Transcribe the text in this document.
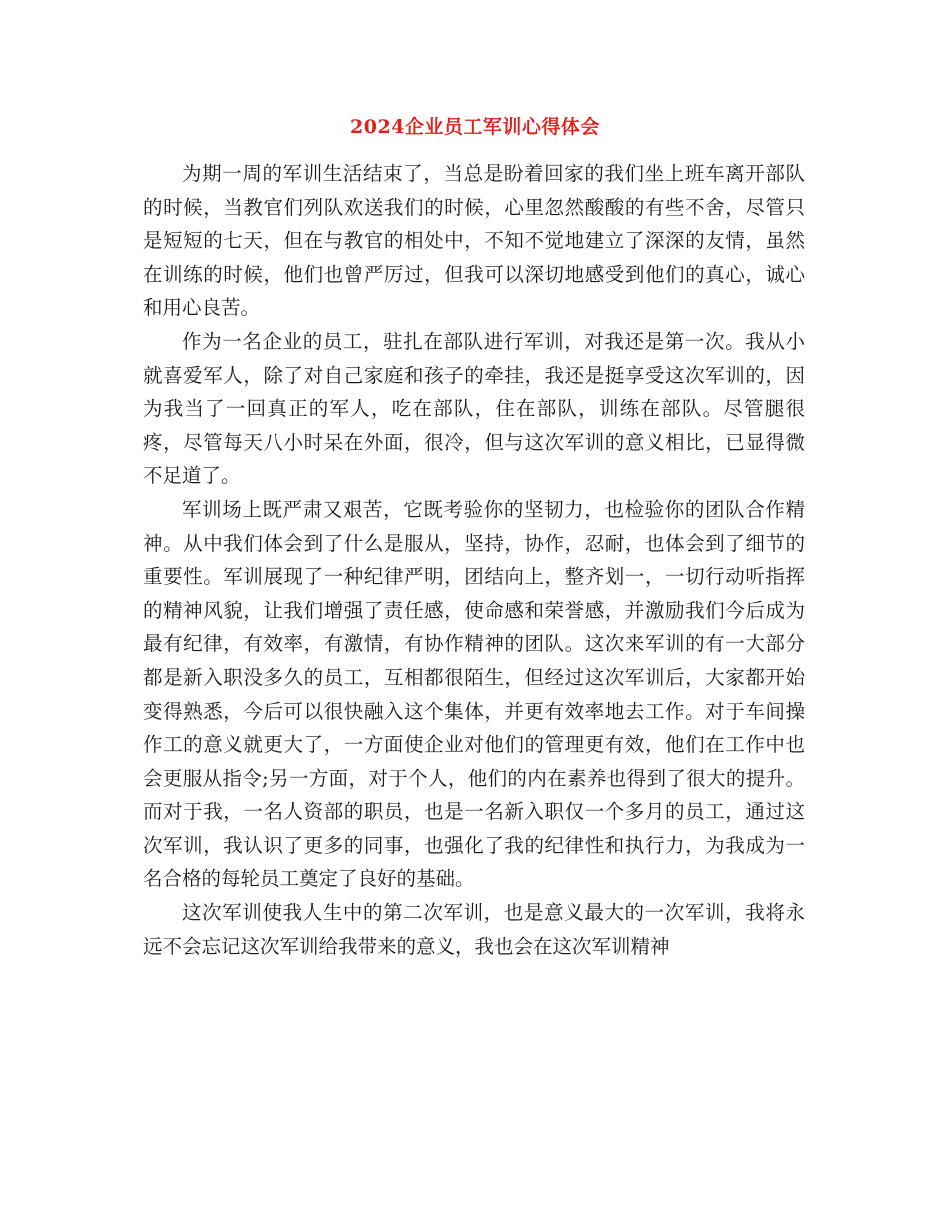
2024企业员工军训心得体会

为期一周的军训生活结束了，当总是盼着回家的我们坐上班车离开部队的时候，当教官们列队欢送我们的时候，心里忽然酸酸的有些不舍，尽管只是短短的七天，但在与教官的相处中，不知不觉地建立了深深的友情，虽然在训练的时候，他们也曾严厉过，但我可以深切地感受到他们的真心，诚心和用心良苦。

作为一名企业的员工，驻扎在部队进行军训，对我还是第一次。我从小就喜爱军人，除了对自己家庭和孩子的牵挂，我还是挺享受这次军训的，因为我当了一回真正的军人，吃在部队，住在部队，训练在部队。尽管腿很疼，尽管每天八小时呆在外面，很冷，但与这次军训的意义相比，已显得微不足道了。

军训场上既严肃又艰苦，它既考验你的坚韧力，也检验你的团队合作精神。从中我们体会到了什么是服从，坚持，协作，忍耐，也体会到了细节的重要性。军训展现了一种纪律严明，团结向上，整齐划一，一切行动听指挥的精神风貌，让我们增强了责任感，使命感和荣誉感，并激励我们今后成为最有纪律，有效率，有激情，有协作精神的团队。这次来军训的有一大部分都是新入职没多久的员工，互相都很陌生，但经过这次军训后，大家都开始变得熟悉，今后可以很快融入这个集体，并更有效率地去工作。对于车间操作工的意义就更大了，一方面使企业对他们的管理更有效，他们在工作中也会更服从指令;另一方面，对于个人，他们的内在素养也得到了很大的提升。而对于我，一名人资部的职员，也是一名新入职仅一个多月的员工，通过这次军训，我认识了更多的同事，也强化了我的纪律性和执行力，为我成为一名合格的每轮员工奠定了良好的基础。

这次军训使我人生中的第二次军训，也是意义最大的一次军训，我将永远不会忘记这次军训给我带来的意义，我也会在这次军训精神
